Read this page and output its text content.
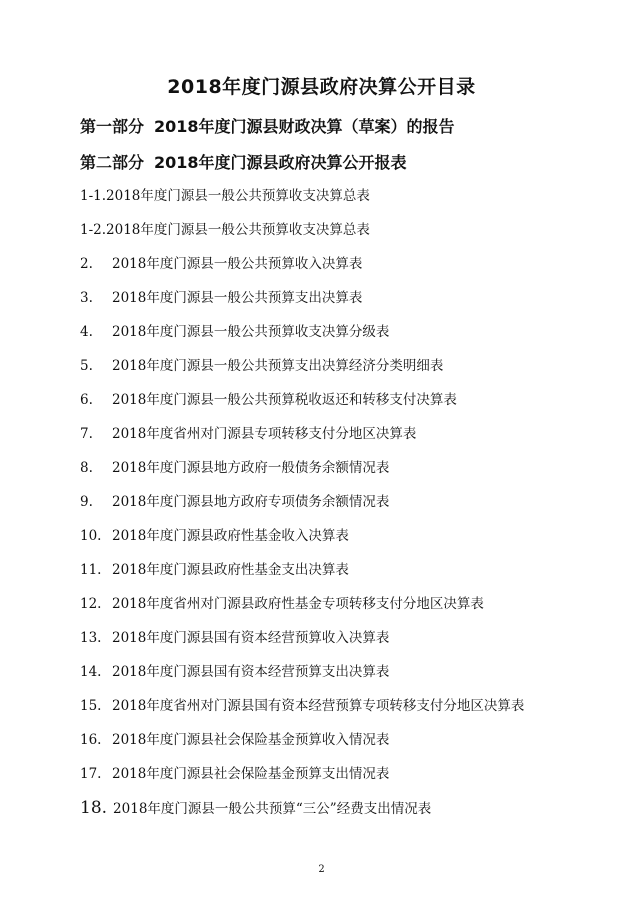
2018年度门源县政府决算公开目录
第一部分 2018年度门源县财政决算（草案）的报告
第二部分 2018年度门源县政府决算公开报表
1-1.2018年度门源县一般公共预算收支决算总表
1-2.2018年度门源县一般公共预算收支决算总表
2. 2018年度门源县一般公共预算收入决算表
3. 2018年度门源县一般公共预算支出决算表
4. 2018年度门源县一般公共预算收支决算分级表
5. 2018年度门源县一般公共预算支出决算经济分类明细表
6. 2018年度门源县一般公共预算税收返还和转移支付决算表
7. 2018年度省州对门源县专项转移支付分地区决算表
8. 2018年度门源县地方政府一般债务余额情况表
9. 2018年度门源县地方政府专项债务余额情况表
10. 2018年度门源县政府性基金收入决算表
11. 2018年度门源县政府性基金支出决算表
12. 2018年度省州对门源县政府性基金专项转移支付分地区决算表
13. 2018年度门源县国有资本经营预算收入决算表
14. 2018年度门源县国有资本经营预算支出决算表
15. 2018年度省州对门源县国有资本经营预算专项转移支付分地区决算表
16. 2018年度门源县社会保险基金预算收入情况表
17. 2018年度门源县社会保险基金预算支出情况表
18. 2018年度门源县一般公共预算“三公”经费支出情况表
2
